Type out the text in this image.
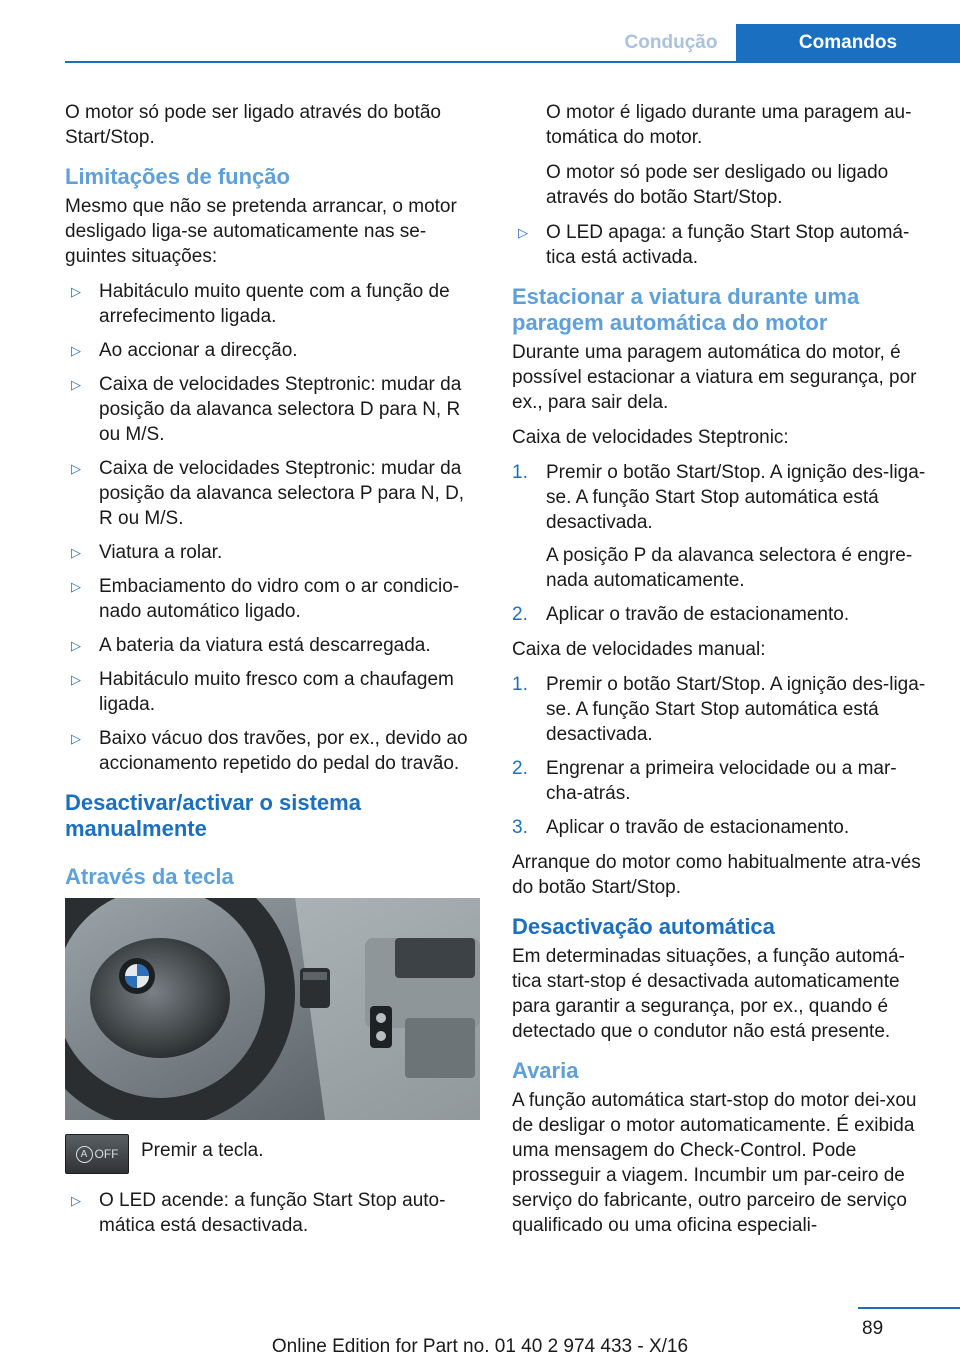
Condução	Comandos

O motor só pode ser ligado através do botão Start/Stop.

Limitações de função

Mesmo que não se pretenda arrancar, o motor desligado liga-se automaticamente nas se-guintes situações:

▷ Habitáculo muito quente com a função de arrefecimento ligada.
▷ Ao accionar a direcção.
▷ Caixa de velocidades Steptronic: mudar da posição da alavanca selectora D para N, R ou M/S.
▷ Caixa de velocidades Steptronic: mudar da posição da alavanca selectora P para N, D, R ou M/S.
▷ Viatura a rolar.
▷ Embaciamento do vidro com o ar condicio-nado automático ligado.
▷ A bateria da viatura está descarregada.
▷ Habitáculo muito fresco com a chaufagem ligada.
▷ Baixo vácuo dos travões, por ex., devido ao accionamento repetido do pedal do travão.
Desactivar/activar o sistema manualmente
Através da tecla
A OFF Premir a tecla.

▷ O LED acende: a função Start Stop auto-mática está desactivada.

O motor é ligado durante uma paragem au-tomática do motor.

O motor só pode ser desligado ou ligado através do botão Start/Stop.

▷ O LED apaga: a função Start Stop automá-tica está activada.
Estacionar a viatura durante uma paragem automática do motor

Durante uma paragem automática do motor, é possível estacionar a viatura em segurança, por ex., para sair dela.

Caixa de velocidades Steptronic:

1. Premir o botão Start/Stop. A ignição des-liga-se. A função Start Stop automática está desactivada.

A posição P da alavanca selectora é engre-nada automaticamente.

2. Aplicar o travão de estacionamento.

Caixa de velocidades manual:

1. Premir o botão Start/Stop. A ignição des-liga-se. A função Start Stop automática está desactivada.

2. Engrenar a primeira velocidade ou a mar-cha-atrás.

3. Aplicar o travão de estacionamento.

Arranque do motor como habitualmente atra-vés do botão Start/Stop.

Desactivação automática

Em determinadas situações, a função automá-tica start-stop é desactivada automaticamente para garantir a segurança, por ex., quando é detectado que o condutor não está presente.

Avaria

A função automática start-stop do motor dei-xou de desligar o motor automaticamente. É exibida uma mensagem do Check-Control. Pode prosseguir a viagem. Incumbir um par-ceiro de serviço do fabricante, outro parceiro de serviço qualificado ou uma oficina especiali-

89
Online Edition for Part no. 01 40 2 974 433 - X/16
